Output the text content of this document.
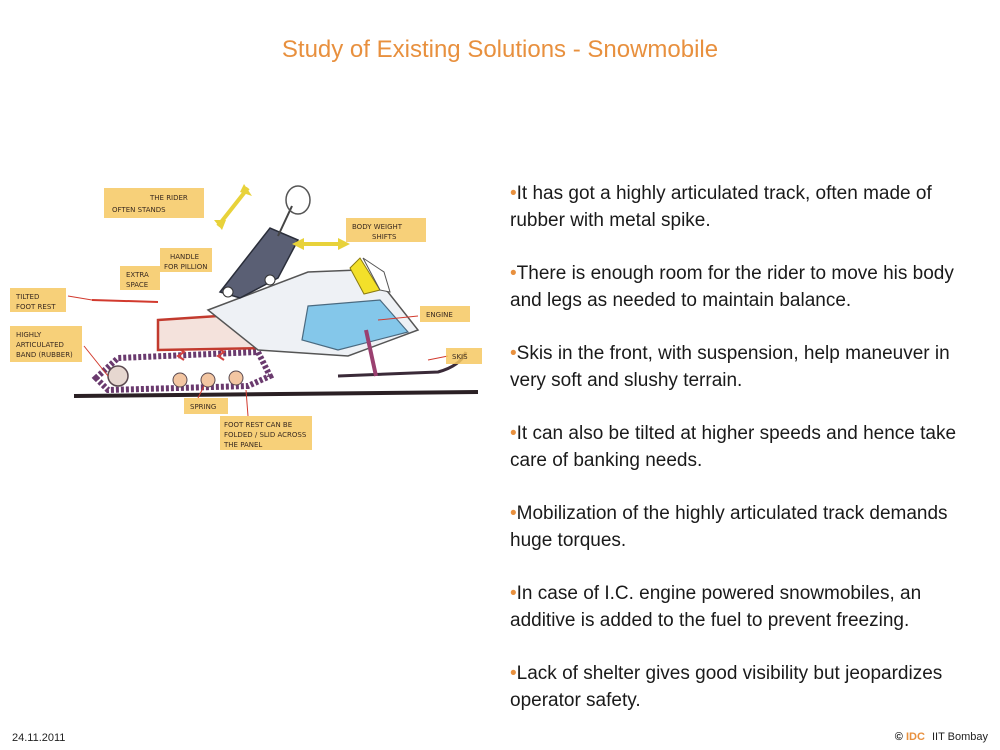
Study of Existing Solutions - Snowmobile
THE RIDER
OFTEN STANDS
BODY WEIGHT
SHIFTS
HANDLE
FOR PILLION
EXTRA
SPACE
TILTED
FOOT REST
HIGHLY
ARTICULATED
BAND (RUBBER)
ENGINE
SKIS
SPRING
FOOT REST CAN BE
FOLDED / SLID ACROSS
THE PANEL
•It has got a highly articulated track, often made of rubber with metal spike.
•There is enough room for the rider to move his body and legs as needed to maintain balance.
•Skis in the front, with suspension, help maneuver in very soft and slushy terrain.
•It can also be tilted at higher speeds and hence take care of banking needs.
•Mobilization of the highly articulated track demands huge torques.
•In case of I.C. engine powered snowmobiles, an additive is added to the fuel to prevent freezing.
•Lack of shelter gives good visibility but jeopardizes operator safety.
24.11.2011	© IDC IIT Bombay
